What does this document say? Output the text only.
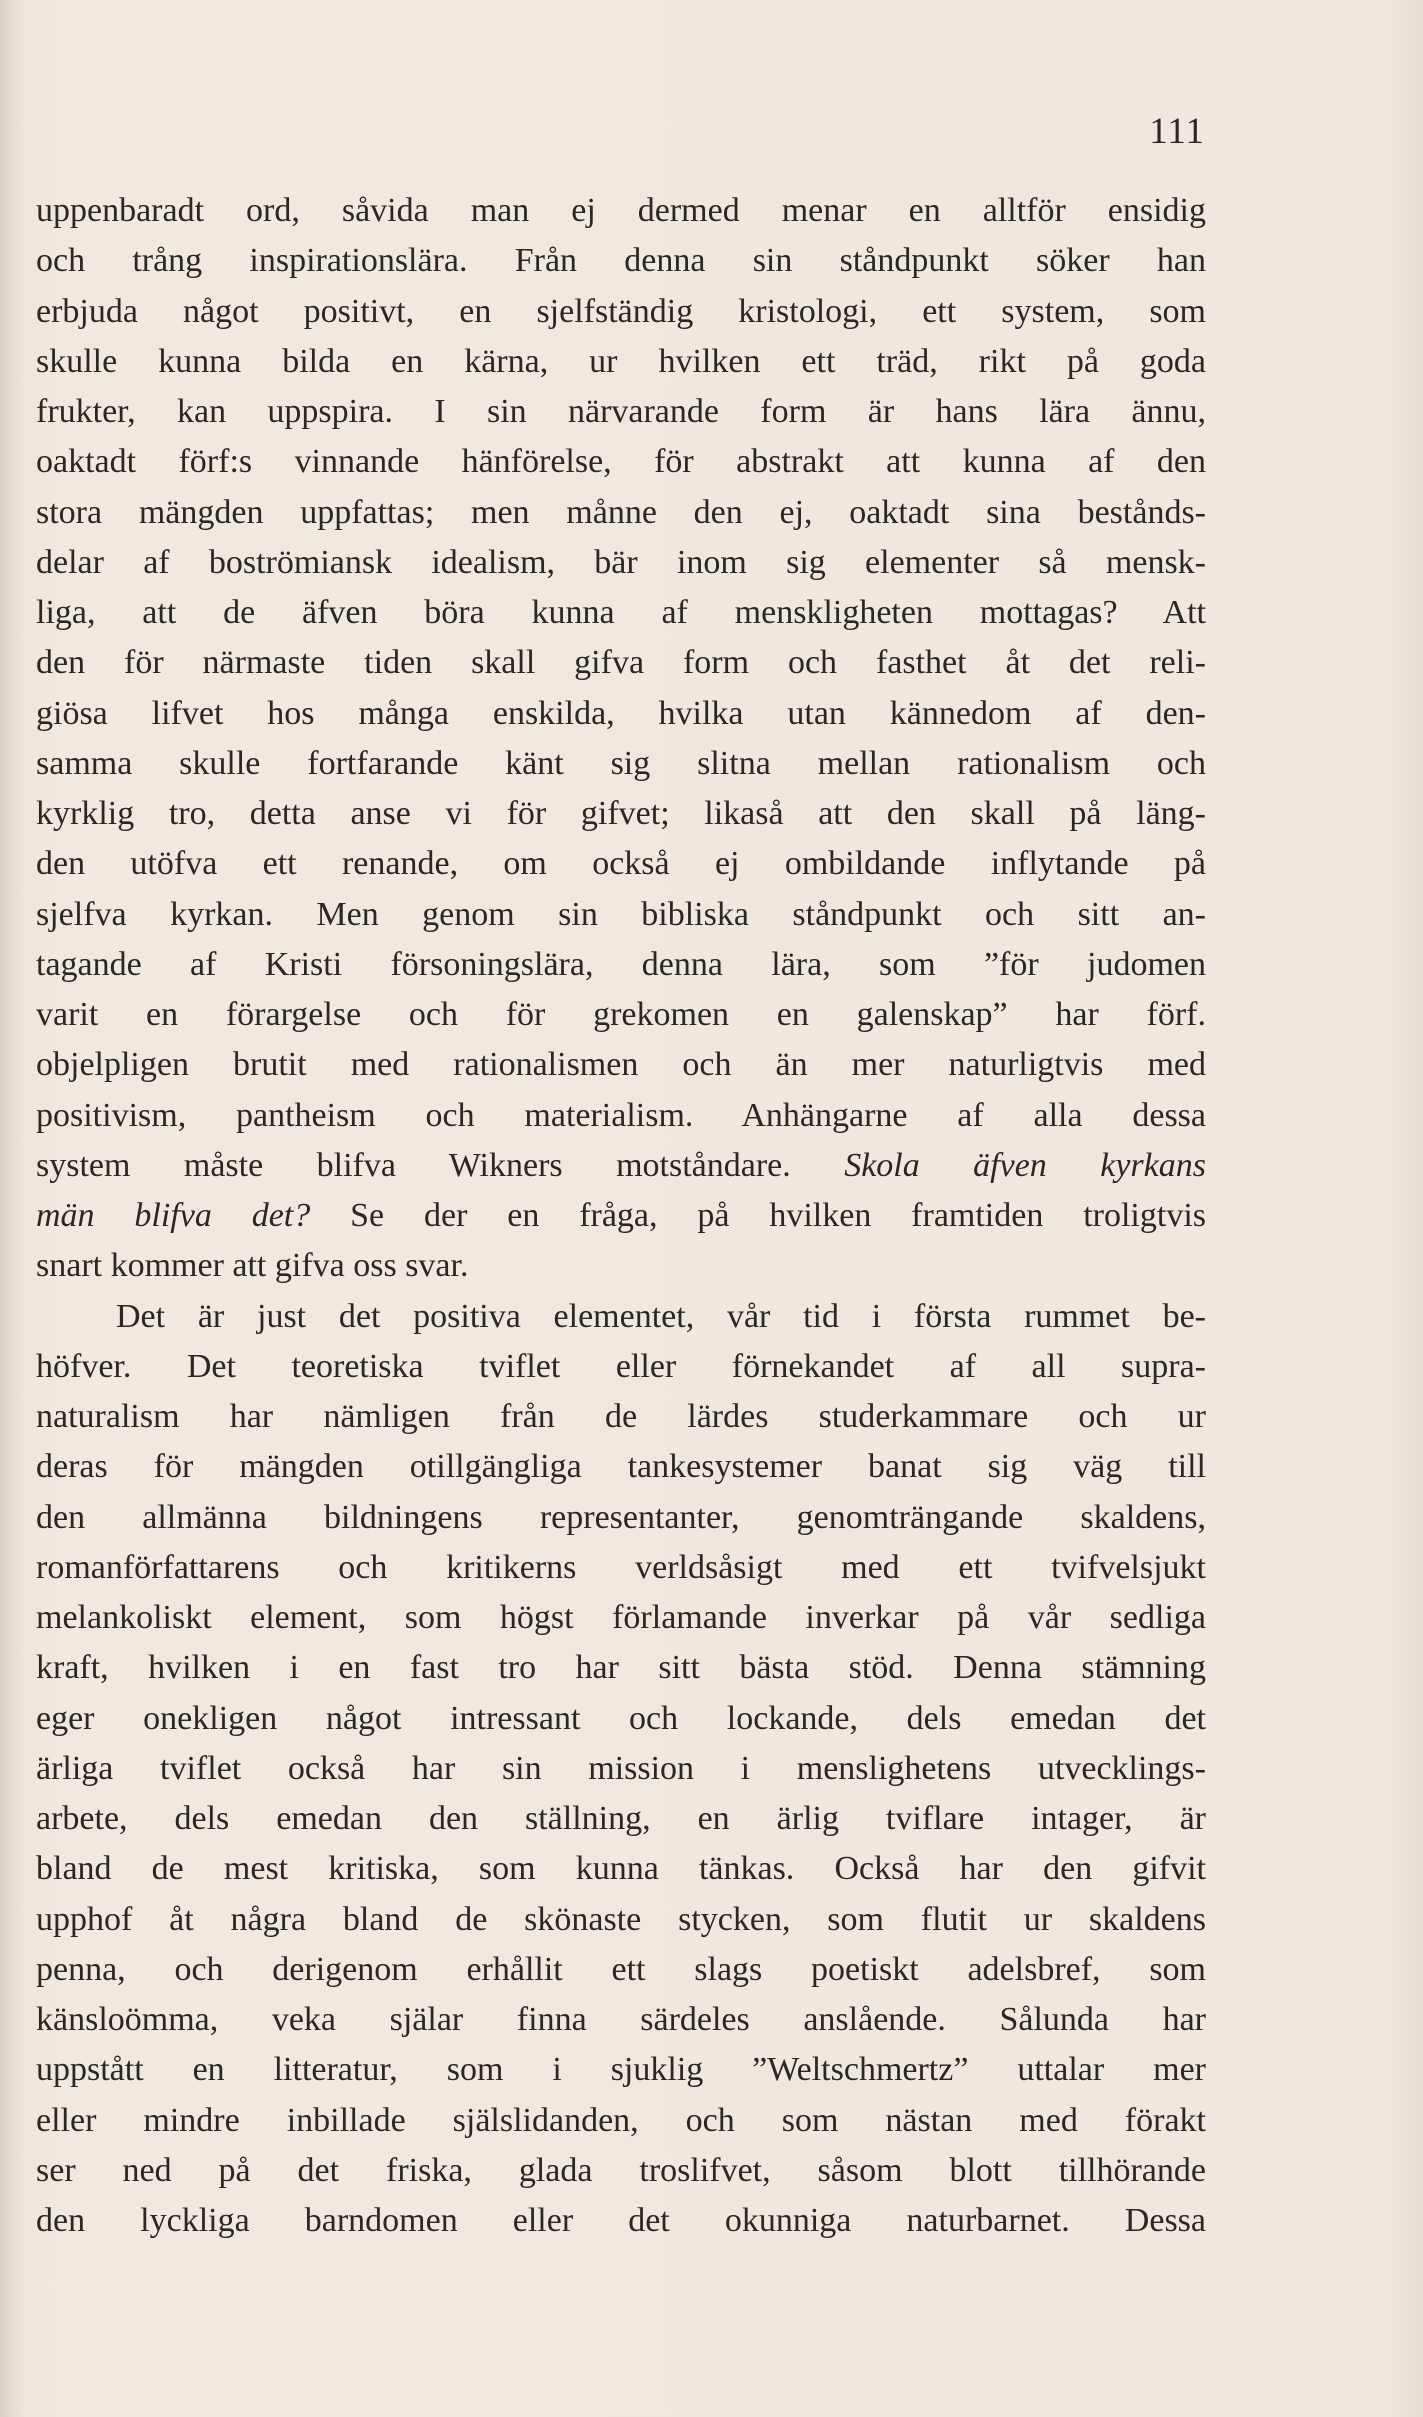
111
uppenbaradt ord, såvida man ej dermed menar en alltför ensidig
och trång inspirationslära. Från denna sin ståndpunkt söker han
erbjuda något positivt, en sjelfständig kristologi, ett system, som
skulle kunna bilda en kärna, ur hvilken ett träd, rikt på goda
frukter, kan uppspira. I sin närvarande form är hans lära ännu,
oaktadt förf:s vinnande hänförelse, för abstrakt att kunna af den
stora mängden uppfattas; men månne den ej, oaktadt sina bestånds-
delar af boströmiansk idealism, bär inom sig elementer så mensk-
liga, att de äfven böra kunna af menskligheten mottagas? Att
den för närmaste tiden skall gifva form och fasthet åt det reli-
giösa lifvet hos många enskilda, hvilka utan kännedom af den-
samma skulle fortfarande känt sig slitna mellan rationalism och
kyrklig tro, detta anse vi för gifvet; likaså att den skall på läng-
den utöfva ett renande, om också ej ombildande inflytande på
sjelfva kyrkan. Men genom sin bibliska ståndpunkt och sitt an-
tagande af Kristi försoningslära, denna lära, som ”för judomen
varit en förargelse och för grekomen en galenskap” har förf.
objelpligen brutit med rationalismen och än mer naturligtvis med
positivism, pantheism och materialism. Anhängarne af alla dessa
system måste blifva Wikners motståndare. Skola äfven kyrkans
män blifva det? Se der en fråga, på hvilken framtiden troligtvis
snart kommer att gifva oss svar.
Det är just det positiva elementet, vår tid i första rummet be-
höfver. Det teoretiska tviflet eller förnekandet af all supra-
naturalism har nämligen från de lärdes studerkammare och ur
deras för mängden otillgängliga tankesystemer banat sig väg till
den allmänna bildningens representanter, genomträngande skaldens,
romanförfattarens och kritikerns verldsåsigt med ett tvifvelsjukt
melankoliskt element, som högst förlamande inverkar på vår sedliga
kraft, hvilken i en fast tro har sitt bästa stöd. Denna stämning
eger onekligen något intressant och lockande, dels emedan det
ärliga tviflet också har sin mission i menslighetens utvecklings-
arbete, dels emedan den ställning, en ärlig tviflare intager, är
bland de mest kritiska, som kunna tänkas. Också har den gifvit
upphof åt några bland de skönaste stycken, som flutit ur skaldens
penna, och derigenom erhållit ett slags poetiskt adelsbref, som
känsloömma, veka själar finna särdeles anslående. Sålunda har
uppstått en litteratur, som i sjuklig ”Weltschmertz” uttalar mer
eller mindre inbillade själslidanden, och som nästan med förakt
ser ned på det friska, glada troslifvet, såsom blott tillhörande
den lyckliga barndomen eller det okunniga naturbarnet. Dessa
